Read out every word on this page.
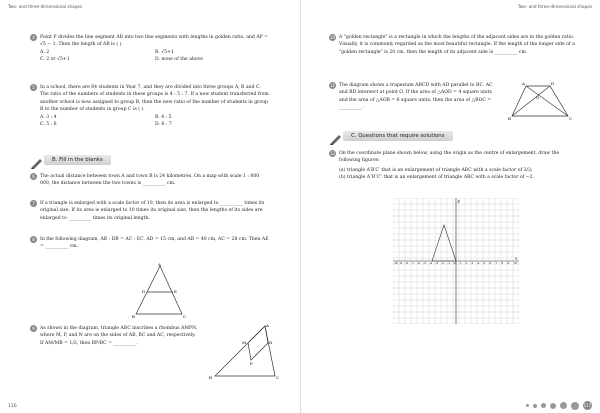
Two- and three-dimensional shapes
4	Point P divides the line segment AB into two line segments with lengths in golden ratio, and AP = √5 − 1. Then the length of AB is ( ).
A. 2	B. √5+1
C. 2 or √5+1	D. none of the above
5	In a school, there are 64 students in Year 7, and they are divided into three groups A, B and C. The ratio of the numbers of students in these groups is 4 : 5 : 7. If a new student transferred from another school is now assigned to group B, then the new ratio of the number of students in group B to the number of students in group C is ( ).
A. 3 : 4	B. 4 : 5
C. 5 : 6	D. 6 : 7
B. Fill in the blanks
6	The actual distance between town A and town B is 24 kilometres. On a map with scale 1 : 800 000, the distance between the two towns is __________ cm.
7	If a triangle is enlarged with a scale factor of 10, then its area is enlarged to __________ times its original size. If its area is enlarged to 10 times its original size, then the lengths of its sides are enlarged to __________ times its original length.
8	In the following diagram, AB : DB = AC : EC, AD = 15 cm, and AB = 40 cm, AC = 28 cm. Then AE = __________ cm.
A
D	E
B	C
9	As shown in the diagram, triangle ABC inscribes a rhombus AMPN, where M, P, and N are on the sides of AB, BC and AC, respectively. If AM/MB = 1/2, then BP/BC = __________.
A
M	N
P
B	C
116
Two- and three-dimensional shapes
10 A "golden rectangle" is a rectangle in which the lengths of the adjacent sides are in the golden ratio. Visually, it is commonly regarded as the most beautiful rectangle. If the length of the longer side of a "golden rectangle" is 20 cm, then the length of its adjacent side is __________ cm.
11 The diagram shows a trapezium ABCD with AD parallel to BC. AC and BD intersect at point O. If the area of △AOD = 4 square units and the area of △AOB = 6 square units, then the area of △BOC = __________.
A	D
O
B	C
C. Questions that require solutions
12 On the coordinate plane shown below, using the origin as the centre of enlargement, draw the following figures:
(a) triangle A′B′C′ that is an enlargement of triangle ABC with a scale factor of 3/2;
(b) triangle A″B″C″ that is an enlargement of triangle ABC with a scale factor of −2.
-10 -9 -8 -7 -6 -5 -4 -3 -2 -1 O 1 2 3 4 5 6 7 8 9 10
x
y
117
